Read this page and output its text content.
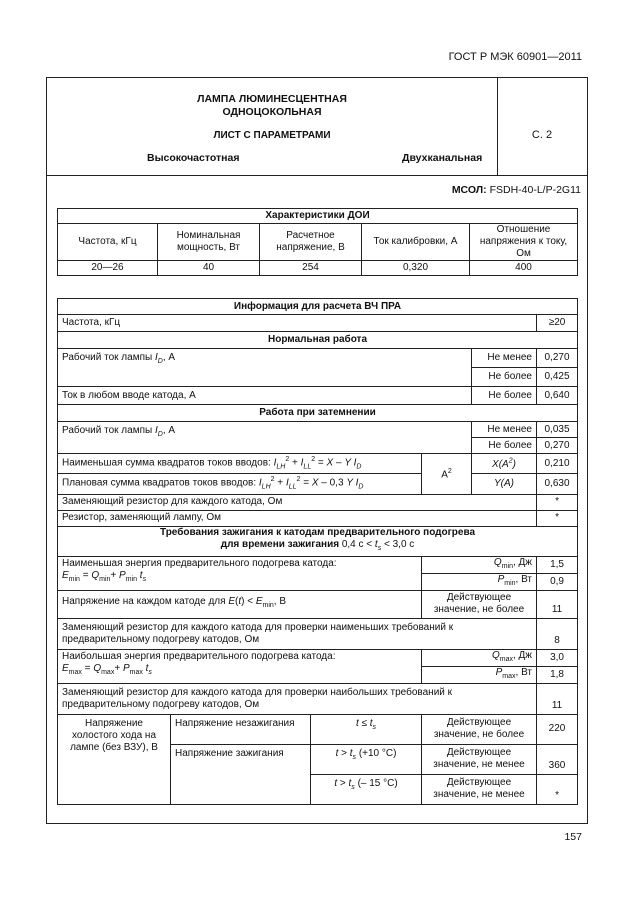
ГОСТ Р МЭК 60901—2011
ЛАМПА ЛЮМИНЕСЦЕНТНАЯ
ОДНОЦОКОЛЬНАЯ
ЛИСТ С ПАРАМЕТРАМИ
Высокочастотная	Двухканальная
С. 2
МСОЛ: FSDH-40-L/P-2G11
Характеристики ДОИ				
Частота, кГц	Номинальная мощность, Вт	Расчетное напряжение, В	Ток калибровки, А	Отношение напряжения к току, Ом
20—26	40	254	0,320	400
Информация для расчета ВЧ ПРА					
Частота, кГц					≥20
Нормальная работа					
Рабочий ток лампы $I_D$, А				Не менее	0,270
				Не более	0,425
Ток в любом вводе катода, А				Не более	0,640
Работа при затемнении					
Рабочий ток лампы $I_D$, А				Не менее	0,035
				Не более	0,270
Наименьшая сумма квадратов токов вводов: $I_{LH}^2 + I_{LL}^2 = X - Y$ $I_D$			$A^2$	$X(A^2)$	0,210
Плановая сумма квадратов токов вводов: $I_{LH}^2 + I_{LL}^2 = X - 0,3$ Y $I_D$				Y(A)	0,630
Заменяющий резистор для каждого катода, Ом					*
Резистор, заменяющий лампу, Ом					*

Требования зажигания к катодам предварительного подогрева
для времени зажигания 0,4 $с < t_s < 3,0$ с					

Наименьшая энергия предварительного подогрева катода:
$E_{min} = Q_{min}+ P_{min}$ $t_s$			$Q_{min}$, Дж		1,5
			$P_{min}$, Вт		0,9
Напряжение на каждом катоде для $E(t) < E_{min}$, В			Действующее значение, не более		11
Заменяющий резистор для каждого катода для проверки наименьших требований к предварительному подогреву катодов, Ом					8

Наибольшая энергия предварительного подогрева катода:
$E_{max} = Q_{max}+ P_{max}$ $t_s$			$Q_{max}$, Дж		3,0
			$P_{max}$, Вт		1,8
Заменяющий резистор для каждого катода для проверки наибольших требований к предварительному подогреву катодов, Ом					11
Напряжение холостого хода на лампе (без ВЗУ), В	Напряжение незажигания	$t \le t_s$	Действующее значение, не более		220
	Напряжение зажигания	$t > t_s$ (+10 °С)	Действующее значение, не менее		360
		$t > t_s$ (– 15 °С)	Действующее значение, не менее		*
157
